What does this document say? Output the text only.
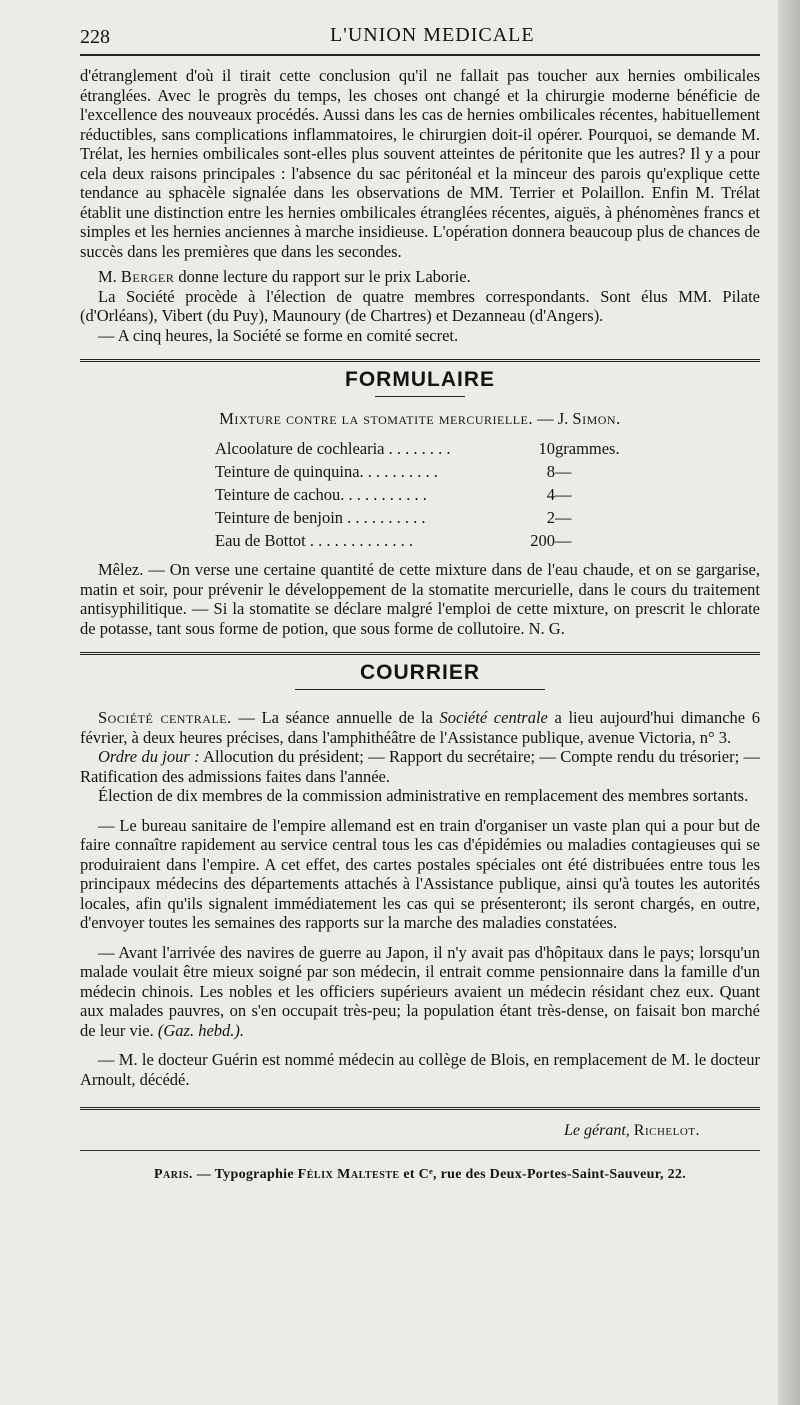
228	L'UNION MEDICALE

d'étranglement d'où il tirait cette conclusion qu'il ne fallait pas toucher aux hernies ombilicales étranglées. Avec le progrès du temps, les choses ont changé et la chirurgie moderne bénéficie de l'excellence des nouveaux procédés. Aussi dans les cas de hernies ombilicales récentes, habituellement réductibles, sans complications inflammatoires, le chirurgien doit-il opérer. Pourquoi, se demande M. Trélat, les hernies ombilicales sont-elles plus souvent atteintes de péritonite que les autres? Il y a pour cela deux raisons principales : l'absence du sac péritonéal et la minceur des parois qu'explique cette tendance au sphacèle signalée dans les observations de MM. Terrier et Polaillon. Enfin M. Trélat établit une distinction entre les hernies ombilicales étranglées récentes, aiguës, à phénomènes francs et simples et les hernies anciennes à marche insidieuse. L'opération donnera beaucoup plus de chances de succès dans les premières que dans les secondes.

M. Berger donne lecture du rapport sur le prix Laborie.

La Société procède à l'élection de quatre membres correspondants. Sont élus MM. Pilate (d'Orléans), Vibert (du Puy), Maunoury (de Chartres) et Dezanneau (d'Angers).

— A cinq heures, la Société se forme en comité secret.

FORMULAIRE
Mixture contre la stomatite mercurielle. — J. Simon.
Alcoolature de cochlearia . . . . . . . .	10	grammes.
Teinture de quinquina. . . . . . . . . .	8	—
Teinture de cachou. . . . . . . . . . .	4	—
Teinture de benjoin . . . . . . . . . .	2	—
Eau de Bottot . . . . . . . . . . . . .	200	—

Mêlez. — On verse une certaine quantité de cette mixture dans de l'eau chaude, et on se gargarise, matin et soir, pour prévenir le développement de la stomatite mercurielle, dans le cours du traitement antisyphilitique. — Si la stomatite se déclare malgré l'emploi de cette mixture, on prescrit le chlorate de potasse, tant sous forme de potion, que sous forme de collutoire. N. G.

COURRIER

Société centrale. — La séance annuelle de la Société centrale a lieu aujourd'hui dimanche 6 février, à deux heures précises, dans l'amphithéâtre de l'Assistance publique, avenue Victoria, n° 3.

Ordre du jour : Allocution du président; — Rapport du secrétaire; — Compte rendu du trésorier; — Ratification des admissions faites dans l'année.

Élection de dix membres de la commission administrative en remplacement des membres sortants.

— Le bureau sanitaire de l'empire allemand est en train d'organiser un vaste plan qui a pour but de faire connaître rapidement au service central tous les cas d'épidémies ou maladies contagieuses qui se produiraient dans l'empire. A cet effet, des cartes postales spéciales ont été distribuées entre tous les principaux médecins des départements attachés à l'Assistance publique, ainsi qu'à toutes les autorités locales, afin qu'ils signalent immédiatement les cas qui se présenteront; ils seront chargés, en outre, d'envoyer toutes les semaines des rapports sur la marche des maladies constatées.

— Avant l'arrivée des navires de guerre au Japon, il n'y avait pas d'hôpitaux dans le pays; lorsqu'un malade voulait être mieux soigné par son médecin, il entrait comme pensionnaire dans la famille d'un médecin chinois. Les nobles et les officiers supérieurs avaient un médecin résidant chez eux. Quant aux malades pauvres, on s'en occupait très-peu; la population étant très-dense, on faisait bon marché de leur vie. (Gaz. hebd.).

— M. le docteur Guérin est nommé médecin au collège de Blois, en remplacement de M. le docteur Arnoult, décédé.

Le gérant, Richelot.
Paris. — Typographie Félix Malteste et Cᵉ, rue des Deux-Portes-Saint-Sauveur, 22.
